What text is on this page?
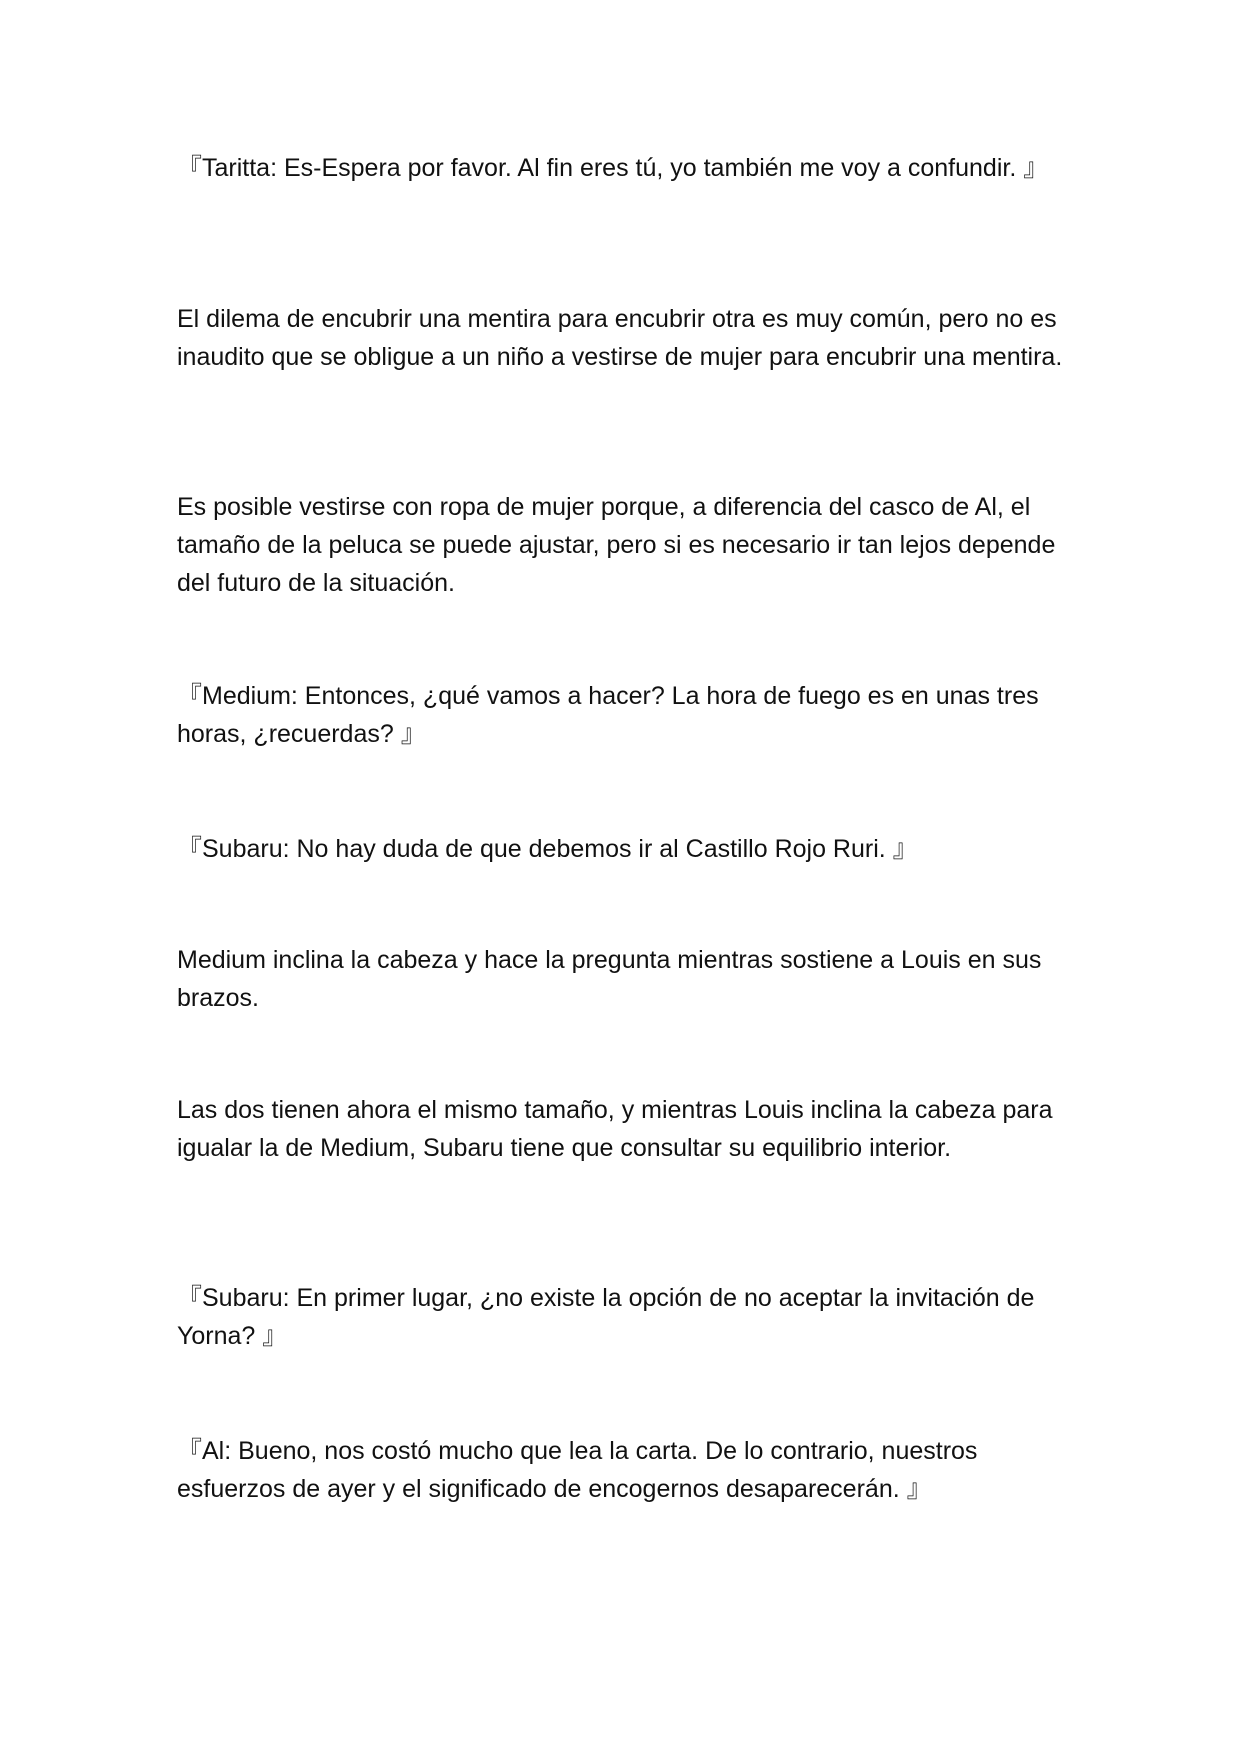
『Taritta: Es-Espera por favor. Al fin eres tú, yo también me voy a confundir. 』

El dilema de encubrir una mentira para encubrir otra es muy común, pero no es inaudito que se obligue a un niño a vestirse de mujer para encubrir una mentira.

Es posible vestirse con ropa de mujer porque, a diferencia del casco de Al, el tamaño de la peluca se puede ajustar, pero si es necesario ir tan lejos depende del futuro de la situación.

『Medium: Entonces, ¿qué vamos a hacer? La hora de fuego es en unas tres horas, ¿recuerdas? 』

『Subaru: No hay duda de que debemos ir al Castillo Rojo Ruri. 』

Medium inclina la cabeza y hace la pregunta mientras sostiene a Louis en sus brazos.

Las dos tienen ahora el mismo tamaño, y mientras Louis inclina la cabeza para igualar la de Medium, Subaru tiene que consultar su equilibrio interior.

『Subaru: En primer lugar, ¿no existe la opción de no aceptar la invitación de Yorna? 』

『Al: Bueno, nos costó mucho que lea la carta. De lo contrario, nuestros esfuerzos de ayer y el significado de encogernos desaparecerán. 』
